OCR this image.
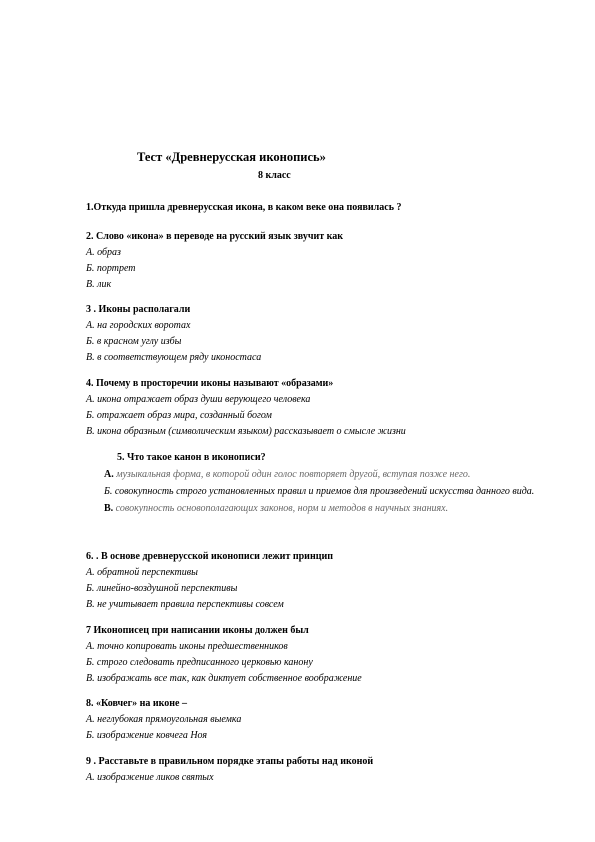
Тест «Древнерусская иконопись»
8 класс
1.Откуда пришла древнерусская икона, в каком веке она появилась ?
2. Слово «икона» в переводе на русский язык звучит как
А. образ
Б. портрет
В. лик
3 . Иконы располагали
А. на городских воротах
Б. в красном углу избы
В. в соответствующем ряду иконостаса
4. Почему в просторечии иконы называют «образами»
А. икона отражает образ души верующего человека
Б. отражает образ мира, созданный богом
В. икона образным (символическим языком) рассказывает о смысле жизни
5. Что такое канон в иконописи?
А. музыкальная форма, в которой один голос повторяет другой, вступая позже него.
Б. совокупность строго установленных правил и приемов для произведений искусства данного вида.
В. совокупность основополагающих законов, норм и методов в научных знаниях.
6. . В основе древнерусской иконописи лежит принцип
А. обратной перспективы
Б. линейно-воздушной перспективы
В. не учитывает правила перспективы совсем
7 Иконописец при написании иконы должен был
А. точно копировать иконы предшественников
Б. строго следовать предписанного церковью канону
В. изображать все так, как диктует собственное воображение
8. «Ковчег» на иконе –
А. неглубокая прямоугольная выемка
Б. изображение ковчега Ноя
9 . Расставьте в правильном порядке этапы работы над иконой
А. изображение ликов святых
